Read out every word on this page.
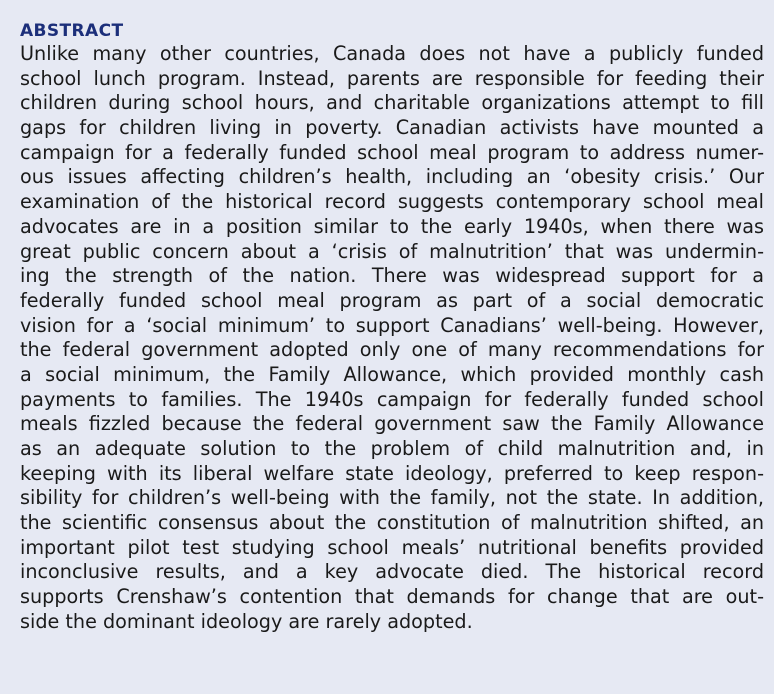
ABSTRACT

Unlike many other countries, Canada does not have a publicly funded

school lunch program. Instead, parents are responsible for feeding their

children during school hours, and charitable organizations attempt to fill

gaps for children living in poverty. Canadian activists have mounted a

campaign for a federally funded school meal program to address numer-

ous issues affecting children’s health, including an ‘obesity crisis.’ Our

examination of the historical record suggests contemporary school meal

advocates are in a position similar to the early 1940s, when there was

great public concern about a ‘crisis of malnutrition’ that was undermin-

ing the strength of the nation. There was widespread support for a

federally funded school meal program as part of a social democratic

vision for a ‘social minimum’ to support Canadians’ well-being. However,

the federal government adopted only one of many recommendations for

a social minimum, the Family Allowance, which provided monthly cash

payments to families. The 1940s campaign for federally funded school

meals fizzled because the federal government saw the Family Allowance

as an adequate solution to the problem of child malnutrition and, in

keeping with its liberal welfare state ideology, preferred to keep respon-

sibility for children’s well-being with the family, not the state. In addition,

the scientific consensus about the constitution of malnutrition shifted, an

important pilot test studying school meals’ nutritional benefits provided

inconclusive results, and a key advocate died. The historical record

supports Crenshaw’s contention that demands for change that are out-

side the dominant ideology are rarely adopted.
